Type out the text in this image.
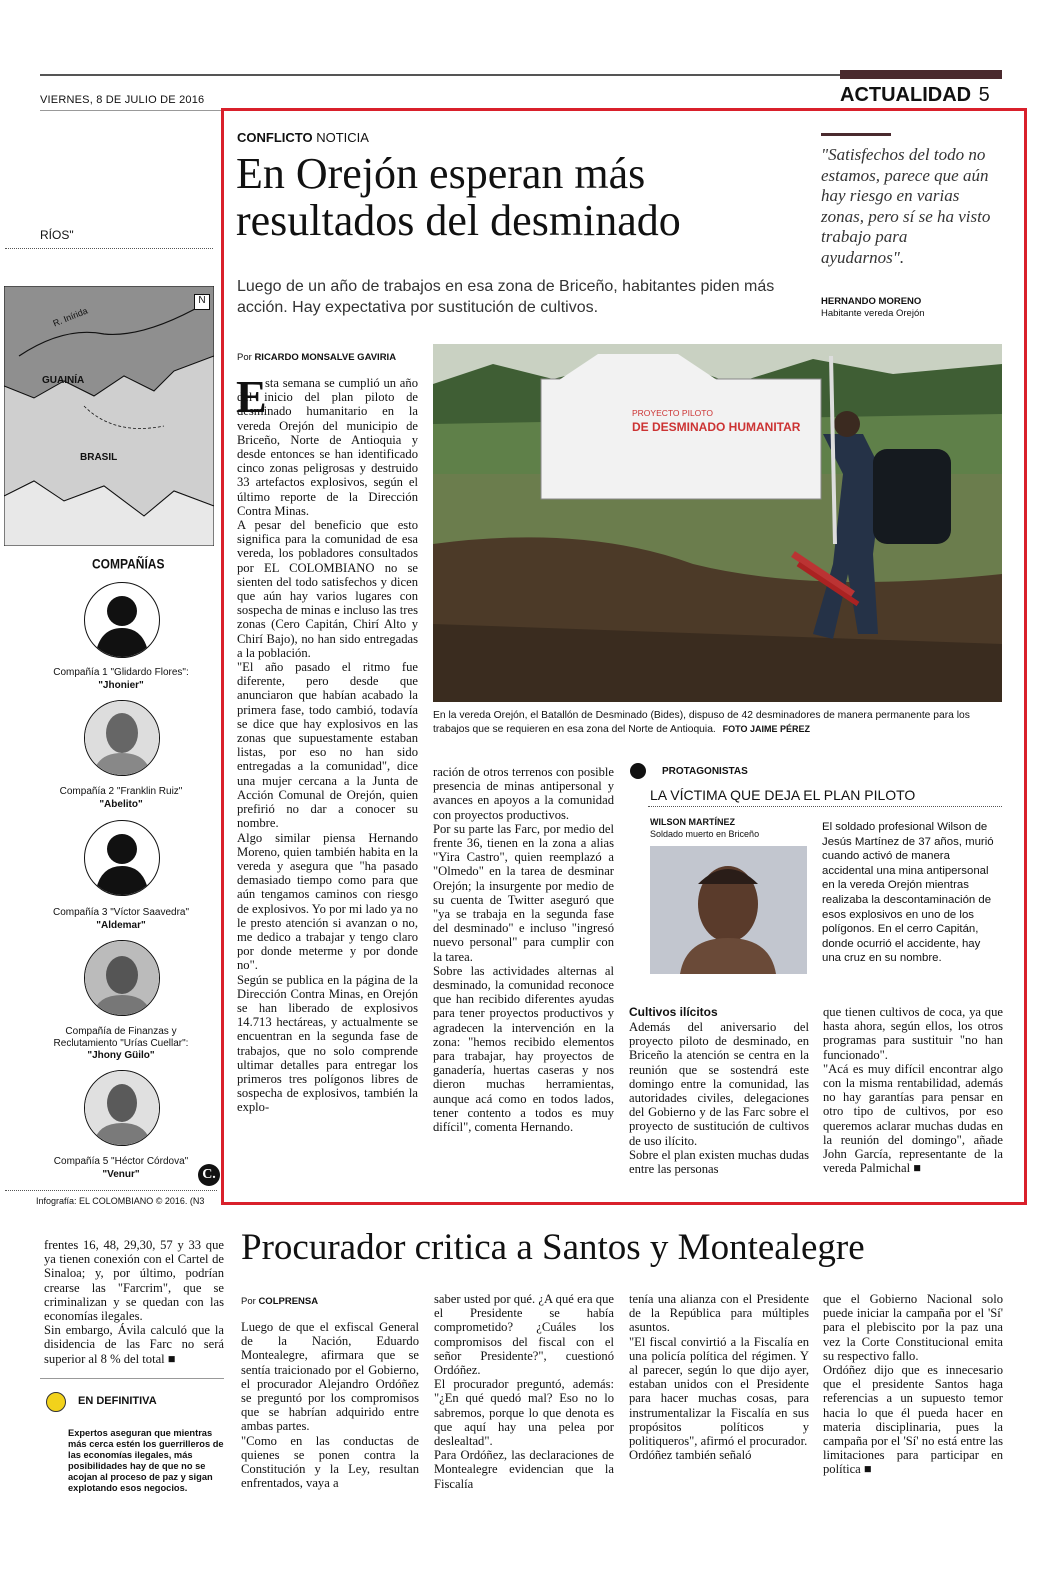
VIERNES, 8 DE JULIO DE 2016	ACTUALIDAD 5
RÍOS"
R. Inírida
GUAINÍA
BRASIL
Ñ
COMPAÑÍAS
Compañía 1 "Glidardo Flores":
"Jhonier"
Compañía 2 "Franklin Ruiz"
"Abelito"
Compañía 3 "Víctor Saavedra"
"Aldemar"
Compañía de Finanzas y Reclutamiento "Urías Cuellar":
"Jhony Güilo"
Compañía 5 "Héctor Córdova"
"Venur"	C.
Infografía: EL COLOMBIANO © 2016. (N3
frentes 16, 48, 29,30, 57 y 33 que ya tienen conexión con el Cartel de Sinaloa; y, por último, podrían crearse las "Farcrim", que se criminalizan y se quedan con las economías ilegales.
Sin embargo, Ávila calculó que la disidencia de las Farc no será superior al 8 % del total ■
EN DEFINITIVA
Expertos aseguran que mientras más cerca estén los guerrilleros de las economías ilegales, más posibilidades hay de que no se acojan al proceso de paz y sigan explotando esos negocios.
CONFLICTO NOTICIA
En Orejón esperan más resultados del desminado
Luego de un año de trabajos en esa zona de Briceño, habitantes piden más acción. Hay expectativa por sustitución de cultivos.
"Satisfechos del todo no estamos, parece que aún hay riesgo en varias zonas, pero sí se ha visto trabajo para ayudarnos".
HERNANDO MORENO
Habitante vereda Orejón
Por RICARDO MONSALVE GAVIRIA
PROYECTO PILOTO
DE DESMINADO HUMANITAR
En la vereda Orejón, el Batallón de Desminado (Bides), dispuso de 42 desminadores de manera permanente para los trabajos que se requieren en esa zona del Norte de Antioquia. FOTO JAIME PÉREZ
E
sta semana se cumplió un año del inicio del plan piloto de desminado humanitario en la vereda Orejón del municipio de Briceño, Norte de Antioquia y desde entonces se han identificado cinco zonas peligrosas y destruido 33 artefactos explosivos, según el último reporte de la Dirección Contra Minas.
A pesar del beneficio que esto significa para la comunidad de esa vereda, los pobladores consultados por EL COLOMBIANO no se sienten del todo satisfechos y dicen que aún hay varios lugares con sospecha de minas e incluso las tres zonas (Cero Capitán, Chirí Alto y Chirí Bajo), no han sido entregadas a la población.
"El año pasado el ritmo fue diferente, pero desde que anunciaron que habían acabado la primera fase, todo cambió, todavía se dice que hay explosivos en las zonas que supuestamente estaban listas, por eso no han sido entregadas a la comunidad", dice una mujer cercana a la Junta de Acción Comunal de Orejón, quien prefirió no dar a conocer su nombre.
Algo similar piensa Hernando Moreno, quien también habita en la vereda y asegura que "ha pasado demasiado tiempo como para que aún tengamos caminos con riesgo de explosivos. Yo por mi lado ya no le presto atención si avanzan o no, me dedico a trabajar y tengo claro por donde meterme y por donde no".
Según se publica en la página de la Dirección Contra Minas, en Orejón se han liberado de explosivos 14.713 hectáreas, y actualmente se encuentran en la segunda fase de trabajos, que no solo comprende ultimar detalles para entregar los primeros tres polígonos libres de sospecha de explosivos, también la explo-
ración de otros terrenos con posible presencia de minas antipersonal y avances en apoyos a la comunidad con proyectos productivos.
Por su parte las Farc, por medio del frente 36, tienen en la zona a alias "Yira Castro", quien reemplazó a "Olmedo" en la tarea de desminar Orejón; la insurgente por medio de su cuenta de Twitter aseguró que "ya se trabaja en la segunda fase del desminado" e incluso "ingresó nuevo personal" para cumplir con la tarea.
Sobre las actividades alternas al desminado, la comunidad reconoce que han recibido diferentes ayudas para tener proyectos productivos y agradecen la intervención en la zona: "hemos recibido elementos para trabajar, hay proyectos de ganadería, huertas caseras y nos dieron muchas herramientas, aunque acá como en todos lados, tener contento a todos es muy difícil", comenta Hernando.
PROTAGONISTAS
LA VÍCTIMA QUE DEJA EL PLAN PILOTO
WILSON MARTÍNEZ
Soldado muerto en Briceño
El soldado profesional Wilson de Jesús Martínez de 37 años, murió cuando activó de manera accidental una mina antipersonal en la vereda Orejón mientras realizaba la descontaminación de esos explosivos en uno de los polígonos. En el cerro Capitán, donde ocurrió el accidente, hay una cruz en su nombre.
Cultivos ilícitos
Además del aniversario del proyecto piloto de desminado, en Briceño la atención se centra en la reunión que se sostendrá este domingo entre la comunidad, las autoridades civiles, delegaciones del Gobierno y de las Farc sobre el proyecto de sustitución de cultivos de uso ilícito.
Sobre el plan existen muchas dudas entre las personas
que tienen cultivos de coca, ya que hasta ahora, según ellos, los otros programas para sustituir "no han funcionado".
"Acá es muy difícil encontrar algo con la misma rentabilidad, además no hay garantías para pensar en otro tipo de cultivos, por eso queremos aclarar muchas dudas en la reunión del domingo", añade John García, representante de la vereda Palmichal ■
Procurador critica a Santos y Montealegre
Por COLPRENSA
Luego de que el exfiscal General de la Nación, Eduardo Montealegre, afirmara que se sentía traicionado por el Gobierno, el procurador Alejandro Ordóñez se preguntó por los compromisos que se habrían adquirido entre ambas partes.
"Como en las conductas de quienes se ponen contra la Constitución y la Ley, resultan enfrentados, vaya a
saber usted por qué. ¿A qué era que el Presidente se había comprometido? ¿Cuáles los compromisos del fiscal con el señor Presidente?", cuestionó Ordóñez.
El procurador preguntó, además: "¿En qué quedó mal? Eso no lo sabremos, porque lo que denota es que aquí hay una pelea por deslealtad".
Para Ordóñez, las declaraciones de Montealegre evidencian que la Fiscalía
tenía una alianza con el Presidente de la República para múltiples asuntos.
"El fiscal convirtió a la Fiscalía en una policía política del régimen. Y al parecer, según lo que dijo ayer, estaban unidos con el Presidente para hacer muchas cosas, para instrumentalizar la Fiscalía en sus propósitos políticos y politiqueros", afirmó el procurador.
Ordóñez también señaló
que el Gobierno Nacional solo puede iniciar la campaña por el 'Sí' para el plebiscito por la paz una vez la Corte Constitucional emita su respectivo fallo.
Ordóñez dijo que es innecesario que el presidente Santos haga referencias a un supuesto temor hacia lo que él pueda hacer en materia disciplinaria, pues la campaña por el 'Sí' no está entre las limitaciones para participar en política ■
